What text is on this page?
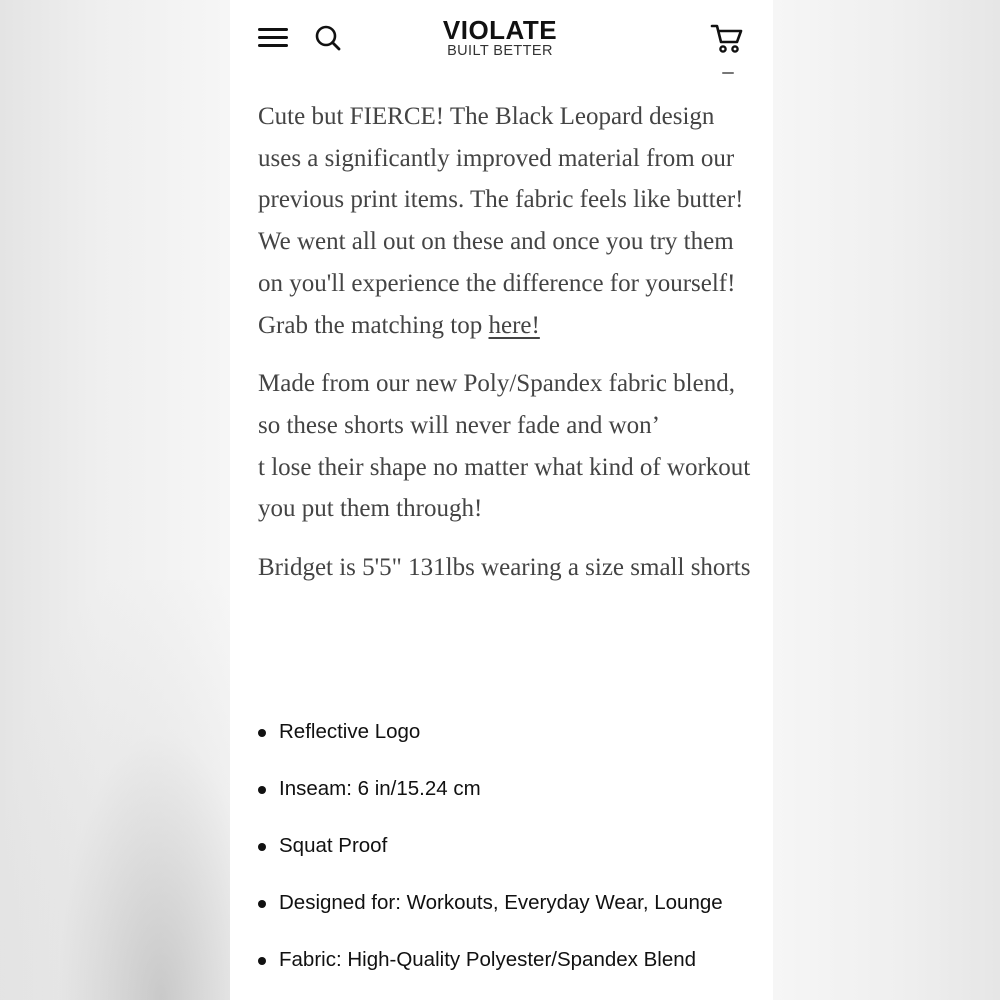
VIOLATE
BUILT BETTER

Cute but FIERCE! The Black Leopard design uses a significantly improved material from our previous print items. The fabric feels like butter! We went all out on these and once you try them on you'll experience the difference for yourself! Grab the matching top here!

Made from our new Poly/Spandex fabric blend, so these shorts will never fade and won’
t lose their shape no matter what kind of workout you put them through!

Bridget is 5'5" 131lbs wearing a size small shorts

Reflective Logo
Inseam: 6 in/15.24 cm
Squat Proof
Designed for: Workouts, Everyday Wear, Lounge
Fabric: High-Quality Polyester/Spandex Blend
